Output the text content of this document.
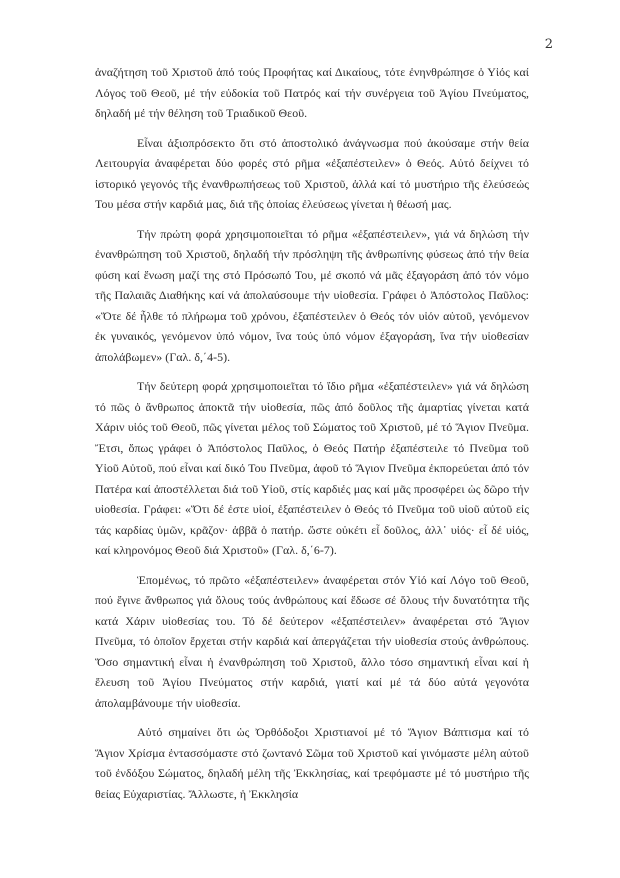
2

ἀναζήτηση τοῦ Χριστοῦ ἀπό τούς Προφήτας καί Δικαίους, τότε ἐνηνθρώπησε ὁ Υἱός καί Λόγος τοῦ Θεοῦ, μέ τήν εὐδοκία τοῦ Πατρός καί τήν συνέργεια τοῦ Ἁγίου Πνεύματος, δηλαδή μέ τήν θέληση τοῦ Τριαδικοῦ Θεοῦ.

Εἶναι ἀξιοπρόσεκτο ὅτι στό ἀποστολικό ἀνάγνωσμα πού ἀκούσαμε στήν θεία Λειτουργία ἀναφέρεται δύο φορές στό ρῆμα «ἐξαπέστειλεν» ὁ Θεός. Αὐτό δείχνει τό ἱστορικό γεγονός τῆς ἐνανθρωπήσεως τοῦ Χριστοῦ, ἀλλά καί τό μυστήριο τῆς ἐλεύσεώς Του μέσα στήν καρδιά μας, διά τῆς ὁποίας ἐλεύσεως γίνεται ἡ θέωσή μας.

Τήν πρώτη φορά χρησιμοποιεῖται τό ρῆμα «ἐξαπέστειλεν», γιά νά δηλώση τήν ἐνανθρώπηση τοῦ Χριστοῦ, δηλαδή τήν πρόσληψη τῆς ἀνθρωπίνης φύσεως ἀπό τήν θεία φύση καί ἕνωση μαζί της στό Πρόσωπό Του, μέ σκοπό νά μᾶς ἐξαγοράση ἀπό τόν νόμο τῆς Παλαιᾶς Διαθήκης καί νά ἀπολαύσουμε τήν υἱοθεσία. Γράφει ὁ Ἀπόστολος Παῦλος: «Ὅτε δέ ἦλθε τό πλήρωμα τοῦ χρόνου, ἐξαπέστειλεν ὁ Θεός τόν υἱόν αὐτοῦ, γενόμενον ἐκ γυναικός, γενόμενον ὑπό νόμον, ἵνα τούς ὑπό νόμον ἐξαγοράση, ἵνα τήν υἱοθεσίαν ἀπολάβωμεν» (Γαλ. δ,΄4-5).

Τήν δεύτερη φορά χρησιμοποιεῖται τό ἴδιο ρῆμα «ἐξαπέστειλεν» γιά νά δηλώση τό πῶς ὁ ἄνθρωπος ἀποκτᾶ τήν υἱοθεσία, πῶς ἀπό δοῦλος τῆς ἁμαρτίας γίνεται κατά Χάριν υἱός τοῦ Θεοῦ, πῶς γίνεται μέλος τοῦ Σώματος τοῦ Χριστοῦ, μέ τό Ἅγιον Πνεῦμα. Ἔτσι, ὅπως γράφει ὁ Ἀπόστολος Παῦλος, ὁ Θεός Πατήρ ἐξαπέστειλε τό Πνεῦμα τοῦ Υἱοῦ Αὐτοῦ, πού εἶναι καί δικό Του Πνεῦμα, ἀφοῦ τό Ἅγιον Πνεῦμα ἐκπορεύεται ἀπό τόν Πατέρα καί ἀποστέλλεται διά τοῦ Υἱοῦ, στίς καρδιές μας καί μᾶς προσφέρει ὡς δῶρο τήν υἱοθεσία. Γράφει: «Ὅτι δέ ἐστε υἱοί, ἐξαπέστειλεν ὁ Θεός τό Πνεῦμα τοῦ υἱοῦ αὐτοῦ εἰς τάς καρδίας ὑμῶν, κρᾶζον· ἀββᾶ ὁ πατήρ. ὥστε οὐκέτι εἶ δοῦλος, ἀλλ᾽ υἱός· εἶ δέ υἱός, καί κληρονόμος Θεοῦ διά Χριστοῦ» (Γαλ. δ,΄6-7).

Ἑπομένως, τό πρῶτο «ἐξαπέστειλεν» ἀναφέρεται στόν Υἱό καί Λόγο τοῦ Θεοῦ, πού ἔγινε ἄνθρωπος γιά ὅλους τούς ἀνθρώπους καί ἔδωσε σέ ὅλους τήν δυνατότητα τῆς κατά Χάριν υἱοθεσίας του. Τό δέ δεύτερον «ἐξαπέστειλεν» ἀναφέρεται στό Ἅγιον Πνεῦμα, τό ὁποῖον ἔρχεται στήν καρδιά καί ἀπεργάζεται τήν υἱοθεσία στούς ἀνθρώπους. Ὅσο σημαντική εἶναι ἡ ἐνανθρώπηση τοῦ Χριστοῦ, ἄλλο τόσο σημαντική εἶναι καί ἡ ἔλευση τοῦ Ἁγίου Πνεύματος στήν καρδιά, γιατί καί μέ τά δύο αὐτά γεγονότα ἀπολαμβάνουμε τήν υἱοθεσία.

Αὐτό σημαίνει ὅτι ὡς Ὀρθόδοξοι Χριστιανοί μέ τό Ἅγιον Βάπτισμα καί τό Ἅγιον Χρίσμα ἐντασσόμαστε στό ζωντανό Σῶμα τοῦ Χριστοῦ καί γινόμαστε μέλη αὐτοῦ τοῦ ἐνδόξου Σώματος, δηλαδή μέλη τῆς Ἐκκλησίας, καί τρεφόμαστε μέ τό μυστήριο τῆς θείας Εὐχαριστίας. Ἄλλωστε, ἡ Ἐκκλησία
